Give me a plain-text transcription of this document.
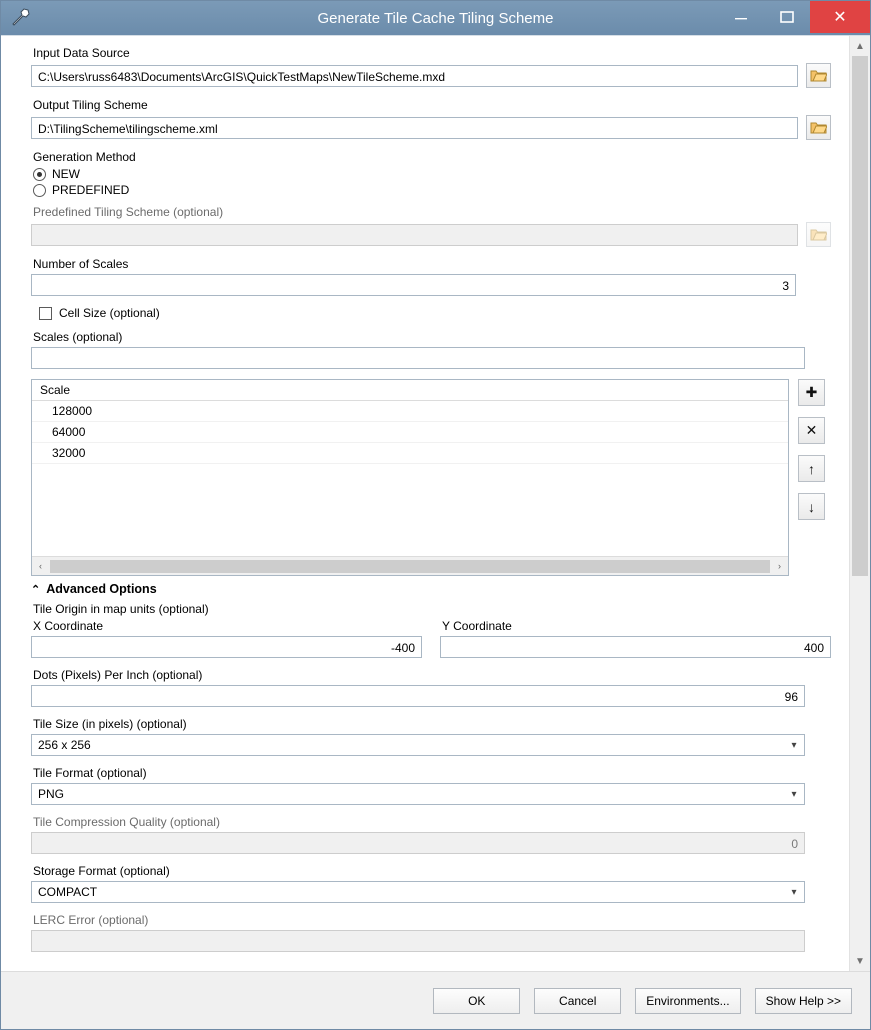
Generate Tile Cache Tiling Scheme	✕
Input Data Source
C:\Users\russ6483\Documents\ArcGIS\QuickTestMaps\NewTileScheme.mxd
Output Tiling Scheme
D:\TilingScheme\tilingscheme.xml
Generation Method
NEW
PREDEFINED
Predefined Tiling Scheme (optional)
Number of Scales
3
Cell Size (optional)
Scales (optional)
Scale
128000
64000
32000
‹	›
✚
✕
↑
↓
⌃ Advanced Options
Tile Origin in map units (optional)
X Coordinate
-400
Y Coordinate
400
Dots (Pixels) Per Inch (optional)
96
Tile Size (in pixels) (optional)
256 x 256	▾
Tile Format (optional)
PNG	▾
Tile Compression Quality (optional)
0
Storage Format (optional)
COMPACT	▾
LERC Error (optional)
▲
▼
OK	Cancel	Environments...	Show Help >>
